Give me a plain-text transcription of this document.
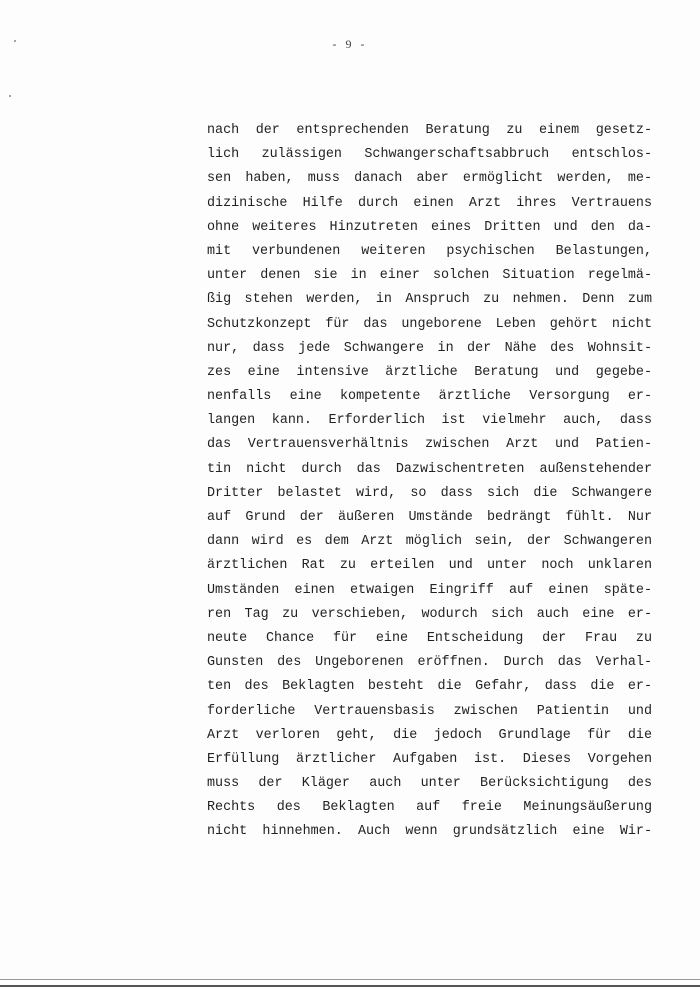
- 9 -
nach der entsprechenden Beratung zu einem gesetz-
lich zulässigen Schwangerschaftsabbruch entschlos-
sen haben, muss danach aber ermöglicht werden, me-
dizinische Hilfe durch einen Arzt ihres Vertrauens
ohne weiteres Hinzutreten eines Dritten und den da-
mit verbundenen weiteren psychischen Belastungen,
unter denen sie in einer solchen Situation regelmä-
ßig stehen werden, in Anspruch zu nehmen. Denn zum
Schutzkonzept für das ungeborene Leben gehört nicht
nur, dass jede Schwangere in der Nähe des Wohnsit-
zes eine intensive ärztliche Beratung und gegebe-
nenfalls eine kompetente ärztliche Versorgung er-
langen kann. Erforderlich ist vielmehr auch, dass
das Vertrauensverhältnis zwischen Arzt und Patien-
tin nicht durch das Dazwischentreten außenstehender
Dritter belastet wird, so dass sich die Schwangere
auf Grund der äußeren Umstände bedrängt fühlt. Nur
dann wird es dem Arzt möglich sein, der Schwangeren
ärztlichen Rat zu erteilen und unter noch unklaren
Umständen einen etwaigen Eingriff auf einen späte-
ren Tag zu verschieben, wodurch sich auch eine er-
neute Chance für eine Entscheidung der Frau zu
Gunsten des Ungeborenen eröffnen. Durch das Verhal-
ten des Beklagten besteht die Gefahr, dass die er-
forderliche Vertrauensbasis zwischen Patientin und
Arzt verloren geht, die jedoch Grundlage für die
Erfüllung ärztlicher Aufgaben ist. Dieses Vorgehen
muss der Kläger auch unter Berücksichtigung des
Rechts des Beklagten auf freie Meinungsäußerung
nicht hinnehmen. Auch wenn grundsätzlich eine Wir-
